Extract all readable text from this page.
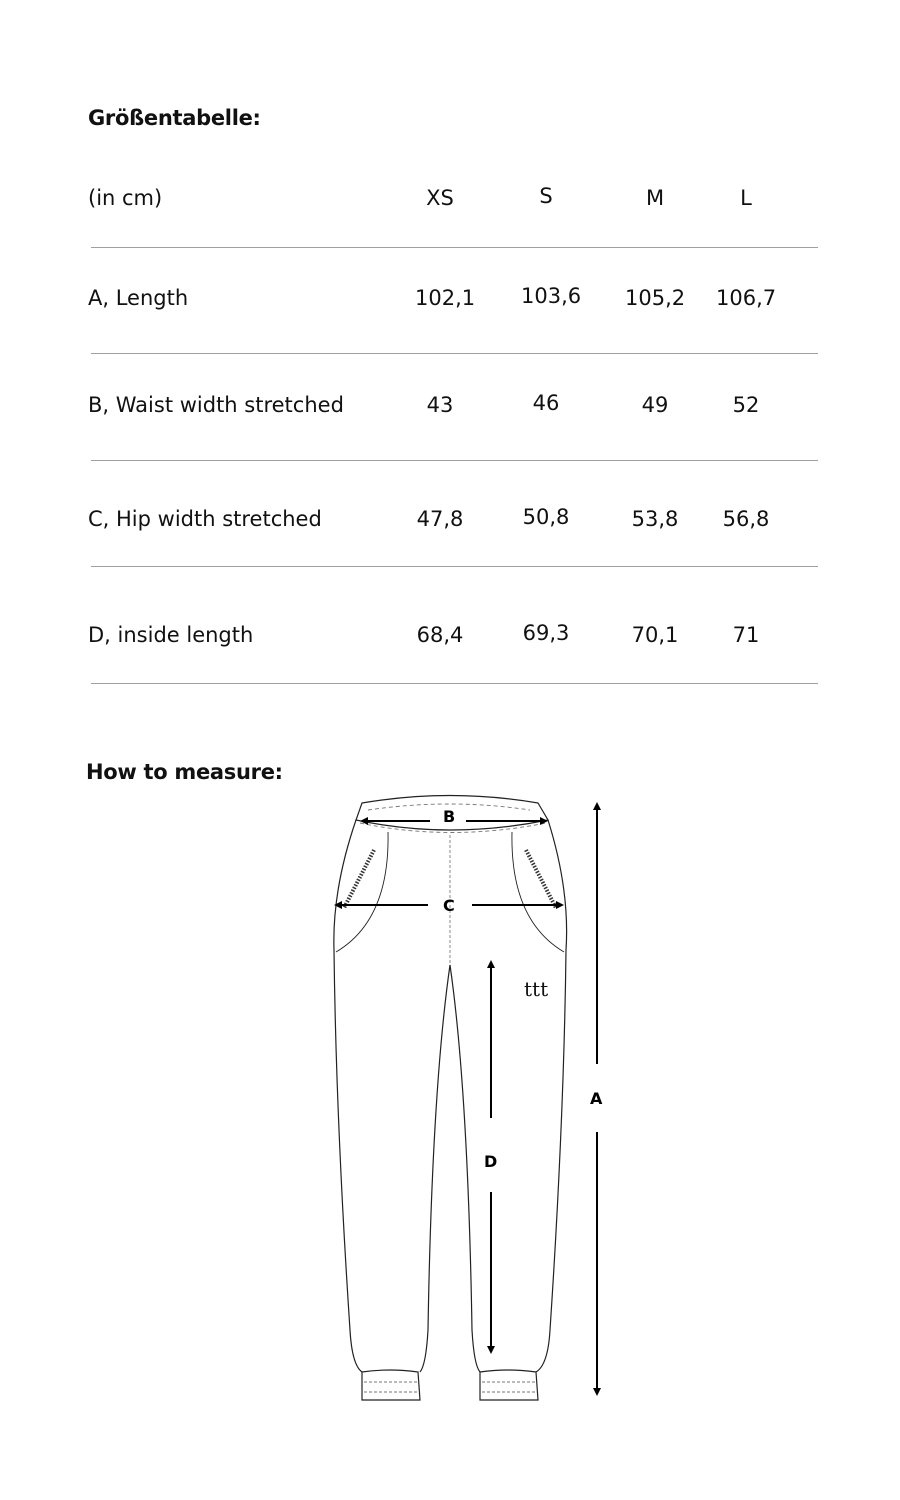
Größentabelle:
(in cm)	XS	S	M	L
A, Length	102,1 103,6 105,2 106,7
B, Waist width stretched	43	46	49	52
C, Hip width stretched	47,8	50,8	53,8	56,8
D, inside length	68,4	69,3	70,1	71
How to measure:
B
C
D
A
ttt
